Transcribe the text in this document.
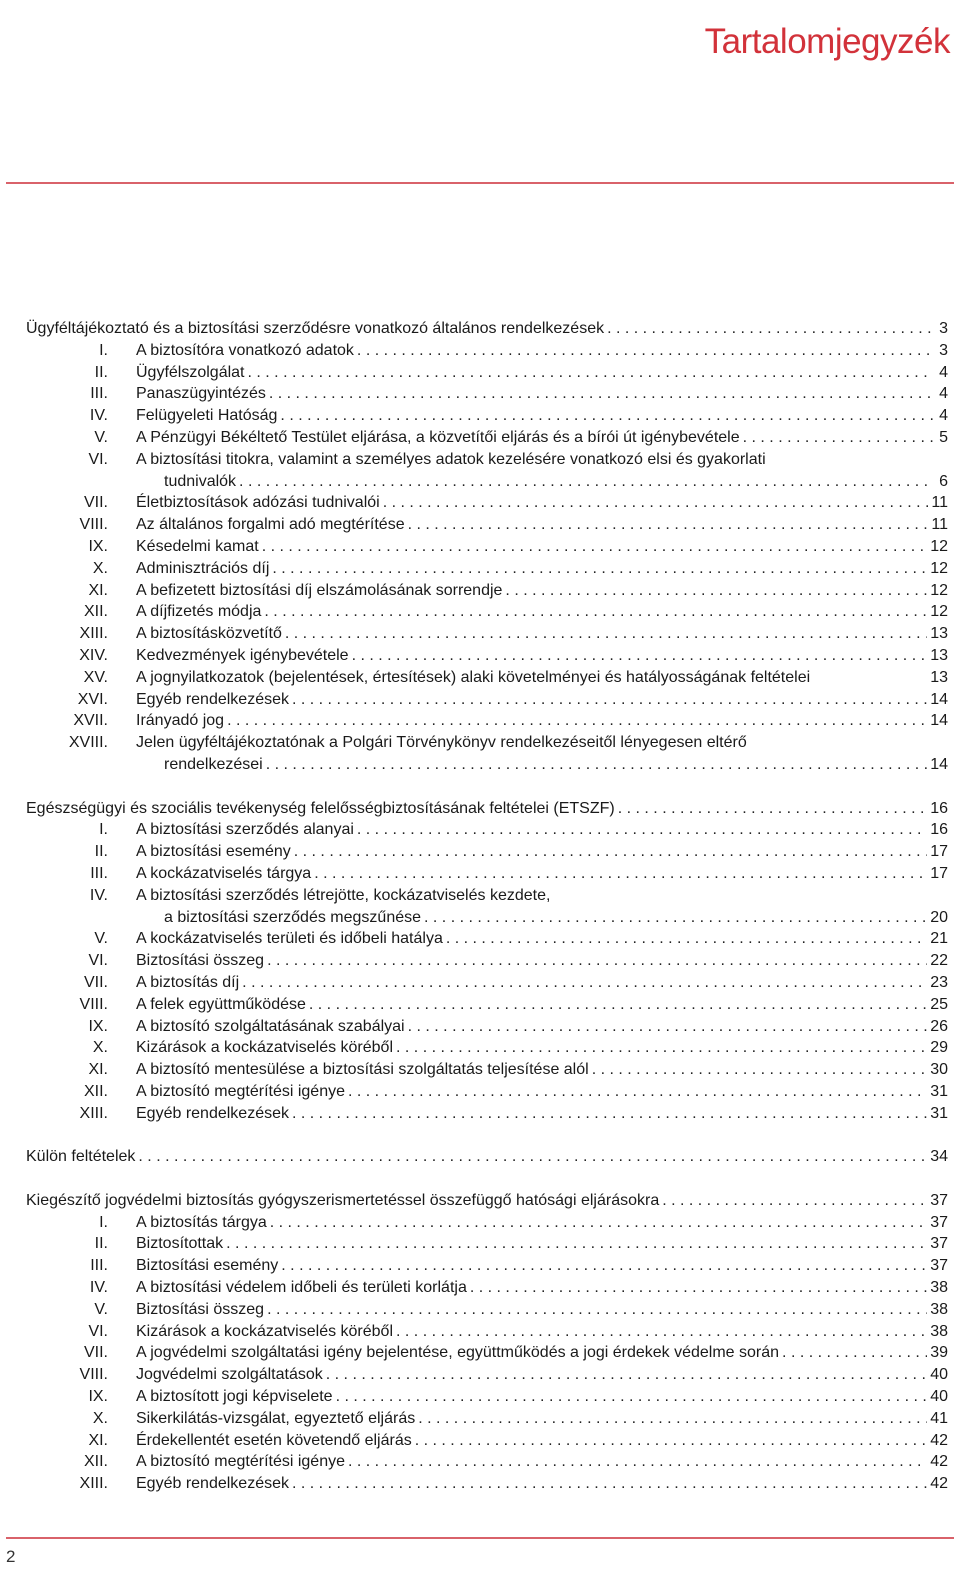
Tartalomjegyzék
Ügyféltájékoztató és a biztosítási szerződésre vonatkozó általános rendelkezések . . .	3
I.	A biztosítóra vonatkozó adatok . . .	3
II.	Ügyfélszolgálat . . .	4
III.	Panaszügyintézés . . .	4
IV.	Felügyeleti Hatóság . . .	4
V.	A Pénzügyi Békéltető Testület eljárása, a közvetítői eljárás és a bírói út igénybevétele . . .	5
VI.	A biztosítási titokra, valamint a személyes adatok kezelésére vonatkozó elsi és gyakorlati
tudnivalók . . .	6
VII.	Életbiztosítások adózási tudnivalói . . .	11
VIII.	Az általános forgalmi adó megtérítése . . .	11
IX.	Késedelmi kamat . . .	12
X.	Adminisztrációs díj . . .	12
XI.	A befizetett biztosítási díj elszámolásának sorrendje . . .	12
XII.	A díjfizetés módja . . .	12
XIII.	A biztosításközvetítő . . .	13
XIV.	Kedvezmények igénybevétele . . .	13
XV.	A jognyilatkozatok (bejelentések, értesítések) alaki követelményei és hatályosságának feltételei	13
XVI.	Egyéb rendelkezések . . .	14
XVII.	Irányadó jog . . .	14
XVIII.	Jelen ügyféltájékoztatónak a Polgári Törvénykönyv rendelkezéseitől lényegesen eltérő
rendelkezései . . .	14
Egészségügyi és szociális tevékenység felelősségbiztosításának feltételei (ETSZF) . . .	16
I.	A biztosítási szerződés alanyai . . .	16
II.	A biztosítási esemény . . .	17
III.	A kockázatviselés tárgya . . .	17
IV.	A biztosítási szerződés létrejötte, kockázatviselés kezdete,
a biztosítási szerződés megszűnése . . .	20
V.	A kockázatviselés területi és időbeli hatálya . . .	21
VI.	Biztosítási összeg . . .	22
VII.	A biztosítás díj . . .	23
VIII.	A felek együttműködése . . .	25
IX.	A biztosító szolgáltatásának szabályai . . .	26
X.	Kizárások a kockázatviselés köréből . . .	29
XI.	A biztosító mentesülése a biztosítási szolgáltatás teljesítése alól . . .	30
XII.	A biztosító megtérítési igénye . . .	31
XIII.	Egyéb rendelkezések . . .	31
Külön feltételek . . .	34
Kiegészítő jogvédelmi biztosítás gyógyszerismertetéssel összefüggő hatósági eljárásokra . . .	37
I.	A biztosítás tárgya . . .	37
II.	Biztosítottak . . .	37
III.	Biztosítási esemény . . .	37
IV.	A biztosítási védelem időbeli és területi korlátja . . .	38
V.	Biztosítási összeg . . .	38
VI.	Kizárások a kockázatviselés köréből . . .	38
VII.	A jogvédelmi szolgáltatási igény bejelentése, együttműködés a jogi érdekek védelme során . . .	39
VIII.	Jogvédelmi szolgáltatások . . .	40
IX.	A biztosított jogi képviselete . . .	40
X.	Sikerkilátás-vizsgálat, egyeztető eljárás . . .	41
XI.	Érdekellentét esetén követendő eljárás . . .	42
XII.	A biztosító megtérítési igénye . . .	42
XIII.	Egyéb rendelkezések . . .	42
2
